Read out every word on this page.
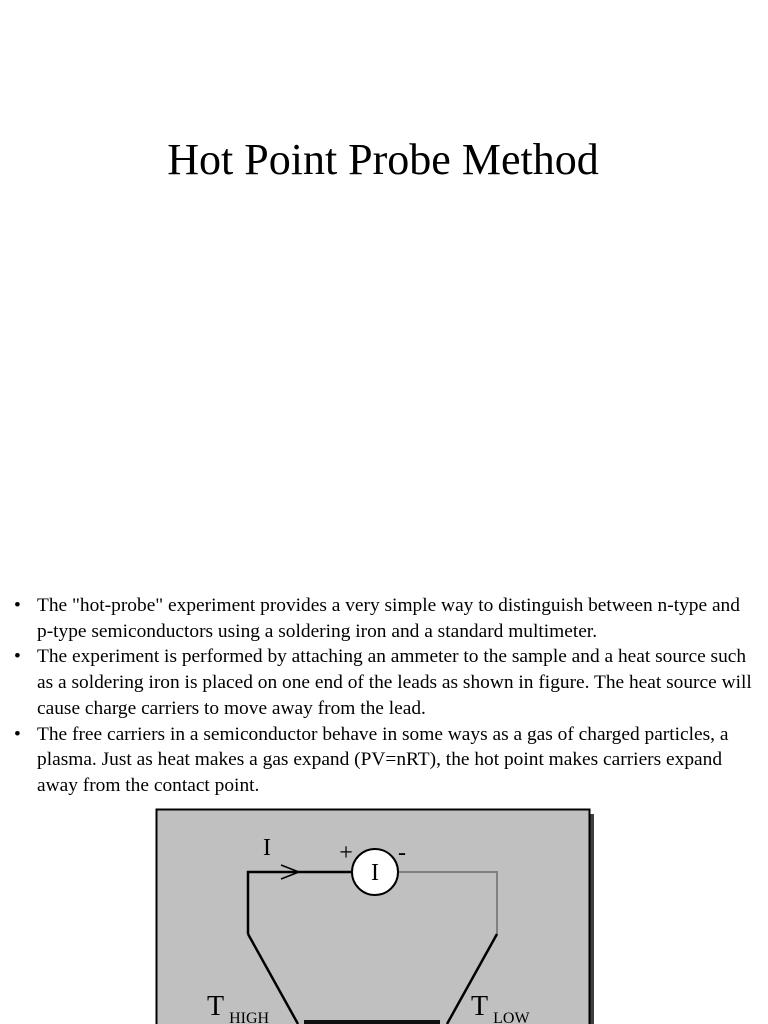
Hot Point Probe Method
• The "hot-probe" experiment provides a very simple way to distinguish between n-type and p-type semiconductors using a soldering iron and a standard multimeter.
• The experiment is performed by attaching an ammeter to the sample and a heat source such as a soldering iron is placed on one end of the leads as shown in figure. The heat source will cause charge carriers to move away from the lead.
• The free carriers in a semiconductor behave in some ways as a gas of charged particles, a plasma. Just as heat makes a gas expand (PV=nRT), the hot point makes carriers expand away from the contact point.
I
+ -
I
T $_{HIGH}$	T $_{LOW}$
